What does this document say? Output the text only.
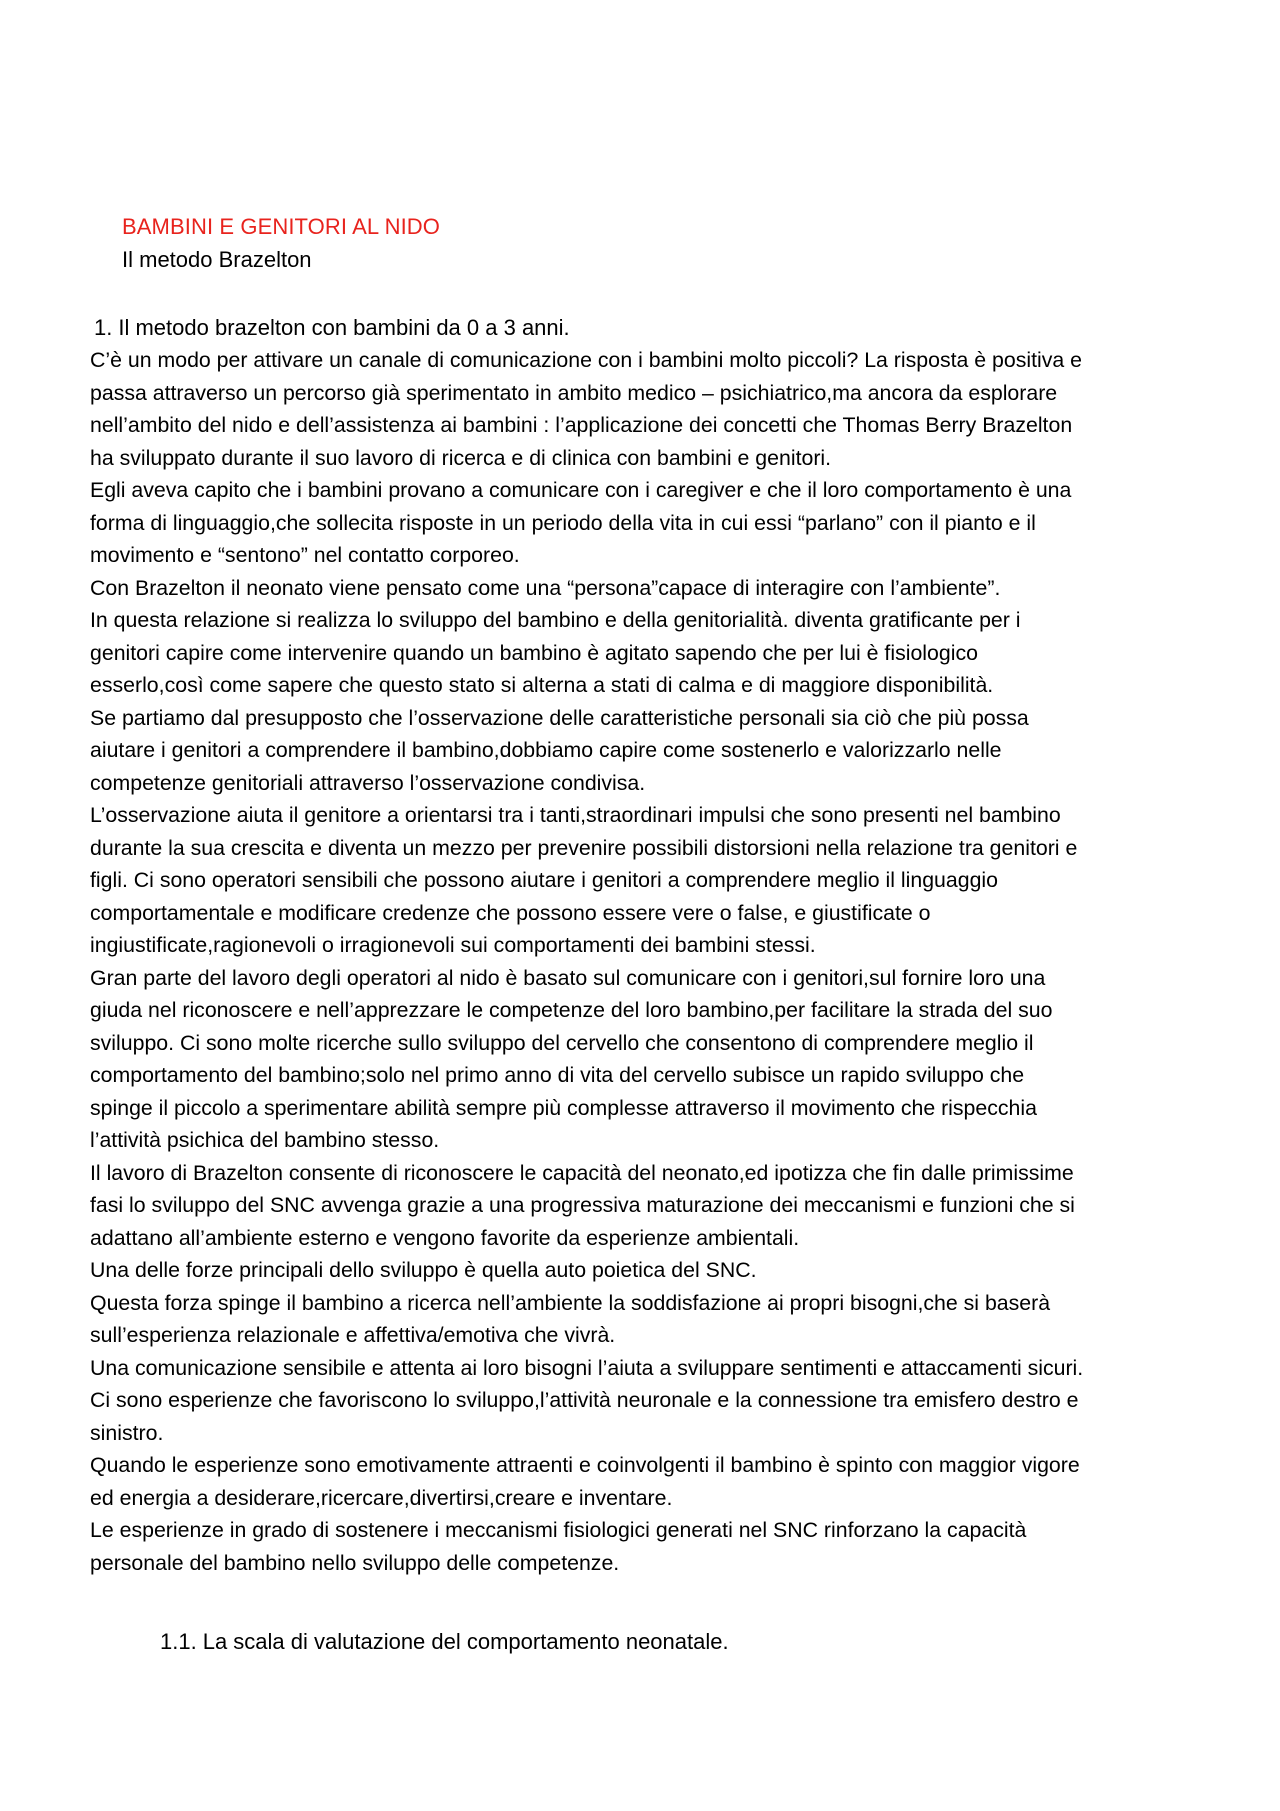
BAMBINI E GENITORI AL NIDO
Il metodo Brazelton
1. Il metodo brazelton con bambini da 0 a 3 anni.
C’è un modo per attivare un canale di comunicazione con i bambini molto piccoli? La risposta è positiva e
passa attraverso un percorso già sperimentato in ambito medico – psichiatrico,ma ancora da esplorare
nell’ambito del nido e dell’assistenza ai bambini : l’applicazione dei concetti che Thomas Berry Brazelton
ha sviluppato durante il suo lavoro di ricerca e di clinica con bambini e genitori.
Egli aveva capito che i bambini provano a comunicare con i caregiver e che il loro comportamento è una
forma di linguaggio,che sollecita risposte in un periodo della vita in cui essi “parlano” con il pianto e il
movimento e “sentono” nel contatto corporeo.
Con Brazelton il neonato viene pensato come una “persona”capace di interagire con l’ambiente”.
In questa relazione si realizza lo sviluppo del bambino e della genitorialità. diventa gratificante per i
genitori capire come intervenire quando un bambino è agitato sapendo che per lui è fisiologico
esserlo,così come sapere che questo stato si alterna a stati di calma e di maggiore disponibilità.
Se partiamo dal presupposto che l’osservazione delle caratteristiche personali sia ciò che più possa
aiutare i genitori a comprendere il bambino,dobbiamo capire come sostenerlo e valorizzarlo nelle
competenze genitoriali attraverso l’osservazione condivisa.
L’osservazione aiuta il genitore a orientarsi tra i tanti,straordinari impulsi che sono presenti nel bambino
durante la sua crescita e diventa un mezzo per prevenire possibili distorsioni nella relazione tra genitori e
figli. Ci sono operatori sensibili che possono aiutare i genitori a comprendere meglio il linguaggio
comportamentale e modificare credenze che possono essere vere o false, e giustificate o
ingiustificate,ragionevoli o irragionevoli sui comportamenti dei bambini stessi.
Gran parte del lavoro degli operatori al nido è basato sul comunicare con i genitori,sul fornire loro una
giuda nel riconoscere e nell’apprezzare le competenze del loro bambino,per facilitare la strada del suo
sviluppo. Ci sono molte ricerche sullo sviluppo del cervello che consentono di comprendere meglio il
comportamento del bambino;solo nel primo anno di vita del cervello subisce un rapido sviluppo che
spinge il piccolo a sperimentare abilità sempre più complesse attraverso il movimento che rispecchia
l’attività psichica del bambino stesso.
Il lavoro di Brazelton consente di riconoscere le capacità del neonato,ed ipotizza che fin dalle primissime
fasi lo sviluppo del SNC avvenga grazie a una progressiva maturazione dei meccanismi e funzioni che si
adattano all’ambiente esterno e vengono favorite da esperienze ambientali.
Una delle forze principali dello sviluppo è quella auto poietica del SNC.
Questa forza spinge il bambino a ricerca nell’ambiente la soddisfazione ai propri bisogni,che si baserà
sull’esperienza relazionale e affettiva/emotiva che vivrà.
Una comunicazione sensibile e attenta ai loro bisogni l’aiuta a sviluppare sentimenti e attaccamenti sicuri.
Ci sono esperienze che favoriscono lo sviluppo,l’attività neuronale e la connessione tra emisfero destro e
sinistro.
Quando le esperienze sono emotivamente attraenti e coinvolgenti il bambino è spinto con maggior vigore
ed energia a desiderare,ricercare,divertirsi,creare e inventare.
Le esperienze in grado di sostenere i meccanismi fisiologici generati nel SNC rinforzano la capacità
personale del bambino nello sviluppo delle competenze.
1.1. La scala di valutazione del comportamento neonatale.
